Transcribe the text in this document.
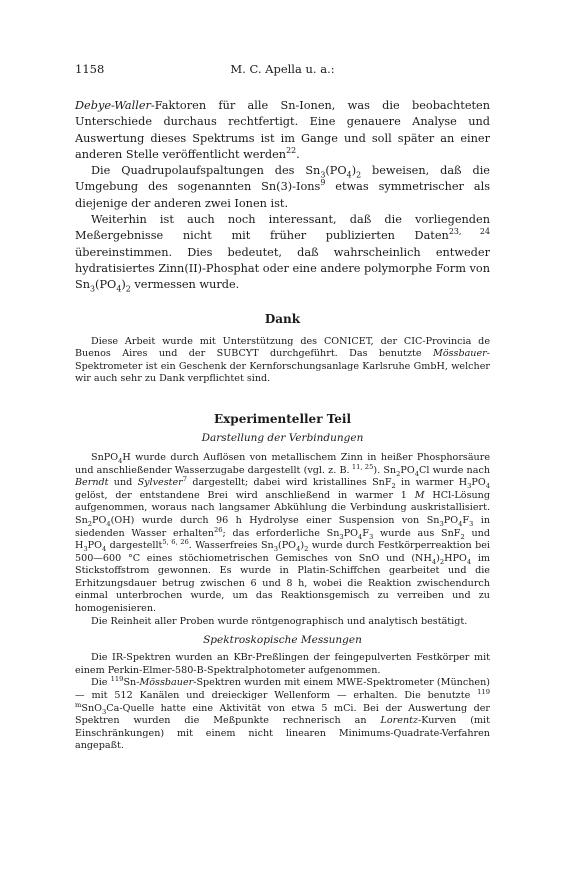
1158	M. C. Apella u. a.:

Debye-Waller-Faktoren für alle Sn-Ionen, was die beobachteten Unterschiede durchaus rechtfertigt. Eine genauere Analyse und Auswertung dieses Spektrums ist im Gange und soll später an einer anderen Stelle veröffentlicht werden$^{22}$.

Die Quadrupolaufspaltungen des $Sn_3(PO_4)_2$ beweisen, daß die Umgebung des sogenannten Sn(3)-Ions$^9$ etwas symmetrischer als diejenige der anderen zwei Ionen ist.

Weiterhin ist auch noch interessant, daß die vorliegenden Meßergebnisse nicht mit früher publizierten Daten$^{23, 24}$ übereinstimmen. Dies bedeutet, daß wahrscheinlich entweder hydratisiertes Zinn(II)-Phosphat oder eine andere polymorphe Form von $Sn_3(PO_4)_2$ vermessen wurde.

Dank

Diese Arbeit wurde mit Unterstützung des CONICET, der CIC-Provincia de Buenos Aires und der SUBCYT durchgeführt. Das benutzte Mössbauer-Spektrometer ist ein Geschenk der Kernforschungsanlage Karlsruhe GmbH, welcher wir auch sehr zu Dank verpflichtet sind.

Experimenteller Teil
Darstellung der Verbindungen

SnPO$_4$H wurde durch Auflösen von metallischem Zinn in heißer Phosphorsäure und anschließender Wasserzugabe dargestellt (vgl. z. B. $^{11, 25}$). $Sn_2PO_4Cl$ wurde nach Berndt und Sylvester$^7$ dargestellt; dabei wird kristallines SnF$_2$ in warmer $H_3PO_4$ gelöst, der entstandene Brei wird anschließend in warmer 1 M HCl-Lösung aufgenommen, woraus nach langsamer Abkühlung die Verbindung auskristallisiert. $Sn_2PO_4(OH)$ wurde durch 96 h Hydrolyse einer Suspension von $Sn_3PO_4F_3$ in siedenden Wasser erhalten$^{26}$; das erforderliche $Sn_3PO_4F_3$ wurde aus SnF$_2$ und $H_3PO_4$ dargestellt$^{5, 6, 26}$. Wasserfreies $Sn_3(PO_4)_2$ wurde durch Festkörperreaktion bei 500—600 °C eines stöchiometrischen Gemisches von SnO und $(NH_4)_2HPO_4$ im Stickstoffstrom gewonnen. Es wurde in Platin-Schiffchen gearbeitet und die Erhitzungsdauer betrug zwischen 6 und 8 h, wobei die Reaktion zwischendurch einmal unterbrochen wurde, um das Reaktionsgemisch zu verreiben und zu homogenisieren.

Die Reinheit aller Proben wurde röntgenographisch und analytisch bestätigt.

Spektroskopische Messungen

Die IR-Spektren wurden an KBr-Preßlingen der feingepulverten Festkörper mit einem Perkin-Elmer-580-B-Spektralphotometer aufgenommen.

Die $^{119}$Sn-Mössbauer-Spektren wurden mit einem MWE-Spektrometer (München) — mit 512 Kanälen und dreieckiger Wellenform — erhalten. Die benutzte $^{119 m}$SnO$_3$Ca-Quelle hatte eine Aktivität von etwa 5 mCi. Bei der Auswertung der Spektren wurden die Meßpunkte rechnerisch an Lorentz-Kurven (mit Einschränkungen) mit einem nicht linearen Minimums-Quadrate-Verfahren angepaßt.
